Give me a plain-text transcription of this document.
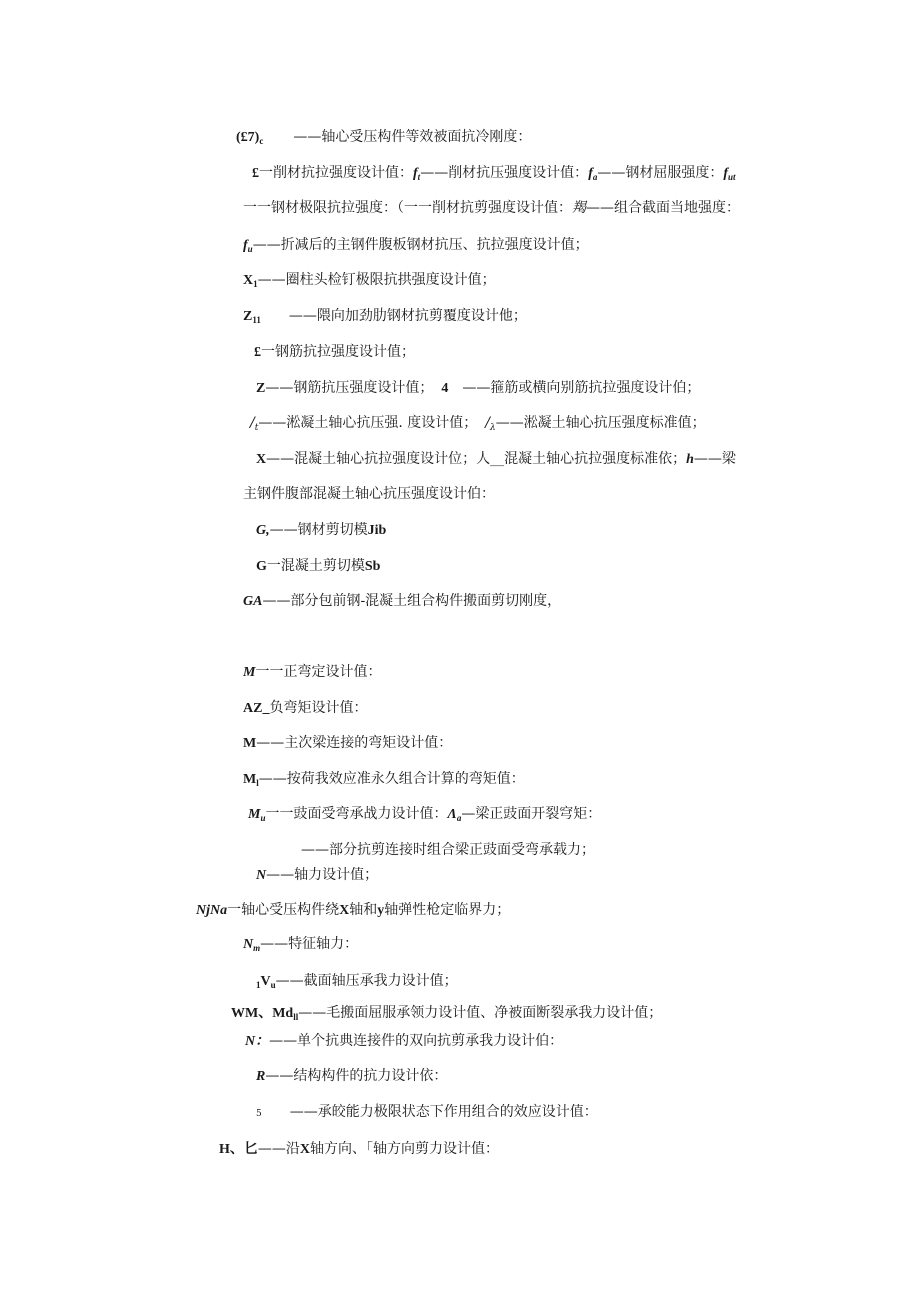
$(£7)_c$ ——轴心受压构件等效被面抗冷刚度：
£一削材抗拉强度设计值：$f_t——$削材抗压强度设计值：$f_a——$钢材屈服强度：$f_{ut}$
一一钢材极限抗拉强度：（一一削材抗剪强度设计值：羯——组合截面当地强度：
$f_u——$折减后的主钢件腹板钢材抗压、抗拉强度设计值；
$X_1——$圈柱头检钉极限抗拱强度设计值；
$Z_{11}$ ——隈向加劲肋钢材抗剪覆度设计他；
£一钢筋抗拉强度设计值；
Z——钢筋抗压强度设计值； 4 ——箍筋或横向别筋抗拉强度设计伯；
$/_t——$淞凝土轴心抗压强. 度设计值； $/_\lambda——$淞凝土轴心抗压强度标准值；
X——混凝土轴心抗拉强度设计位；人__混凝土轴心抗拉强度标准依；h——梁
主钢件腹部混凝土轴心抗压强度设计伯：
G,——钢材剪切模Jib
G一混凝土剪切模Sb
GA——部分包前钢-混凝土组合构件搬面剪切刚度，
M一一正弯定设计值：
AZ_负弯矩设计值：
M——主次梁连接的弯矩设计值：
$M_l——$按荷我效应准永久组合计算的弯矩值：
$M_u$一一豉面受弯承战力设计值：$\Lambda_a—$梁正豉面开裂穹矩：
——部分抗剪连接时组合梁正豉面受弯承载力；
N——轴力设计值；
NjNa一轴心受压构件绕X轴和y轴弹性枪定临界力；
$N_m——$特征轴力：
$_1V_u——$截面轴压承我力设计值；
WM、$Md_{ll}——$毛搬面屈服承领力设计值、净被面断裂承我力设计值；
N：——单个抗典连接件的双向抗剪承我力设计伯：
R——结构构件的抗力设计依：
5 ——承皎能力极限状态下作用组合的效应设计值：
H、匕——沿X轴方向、「轴方向剪力设计值：
